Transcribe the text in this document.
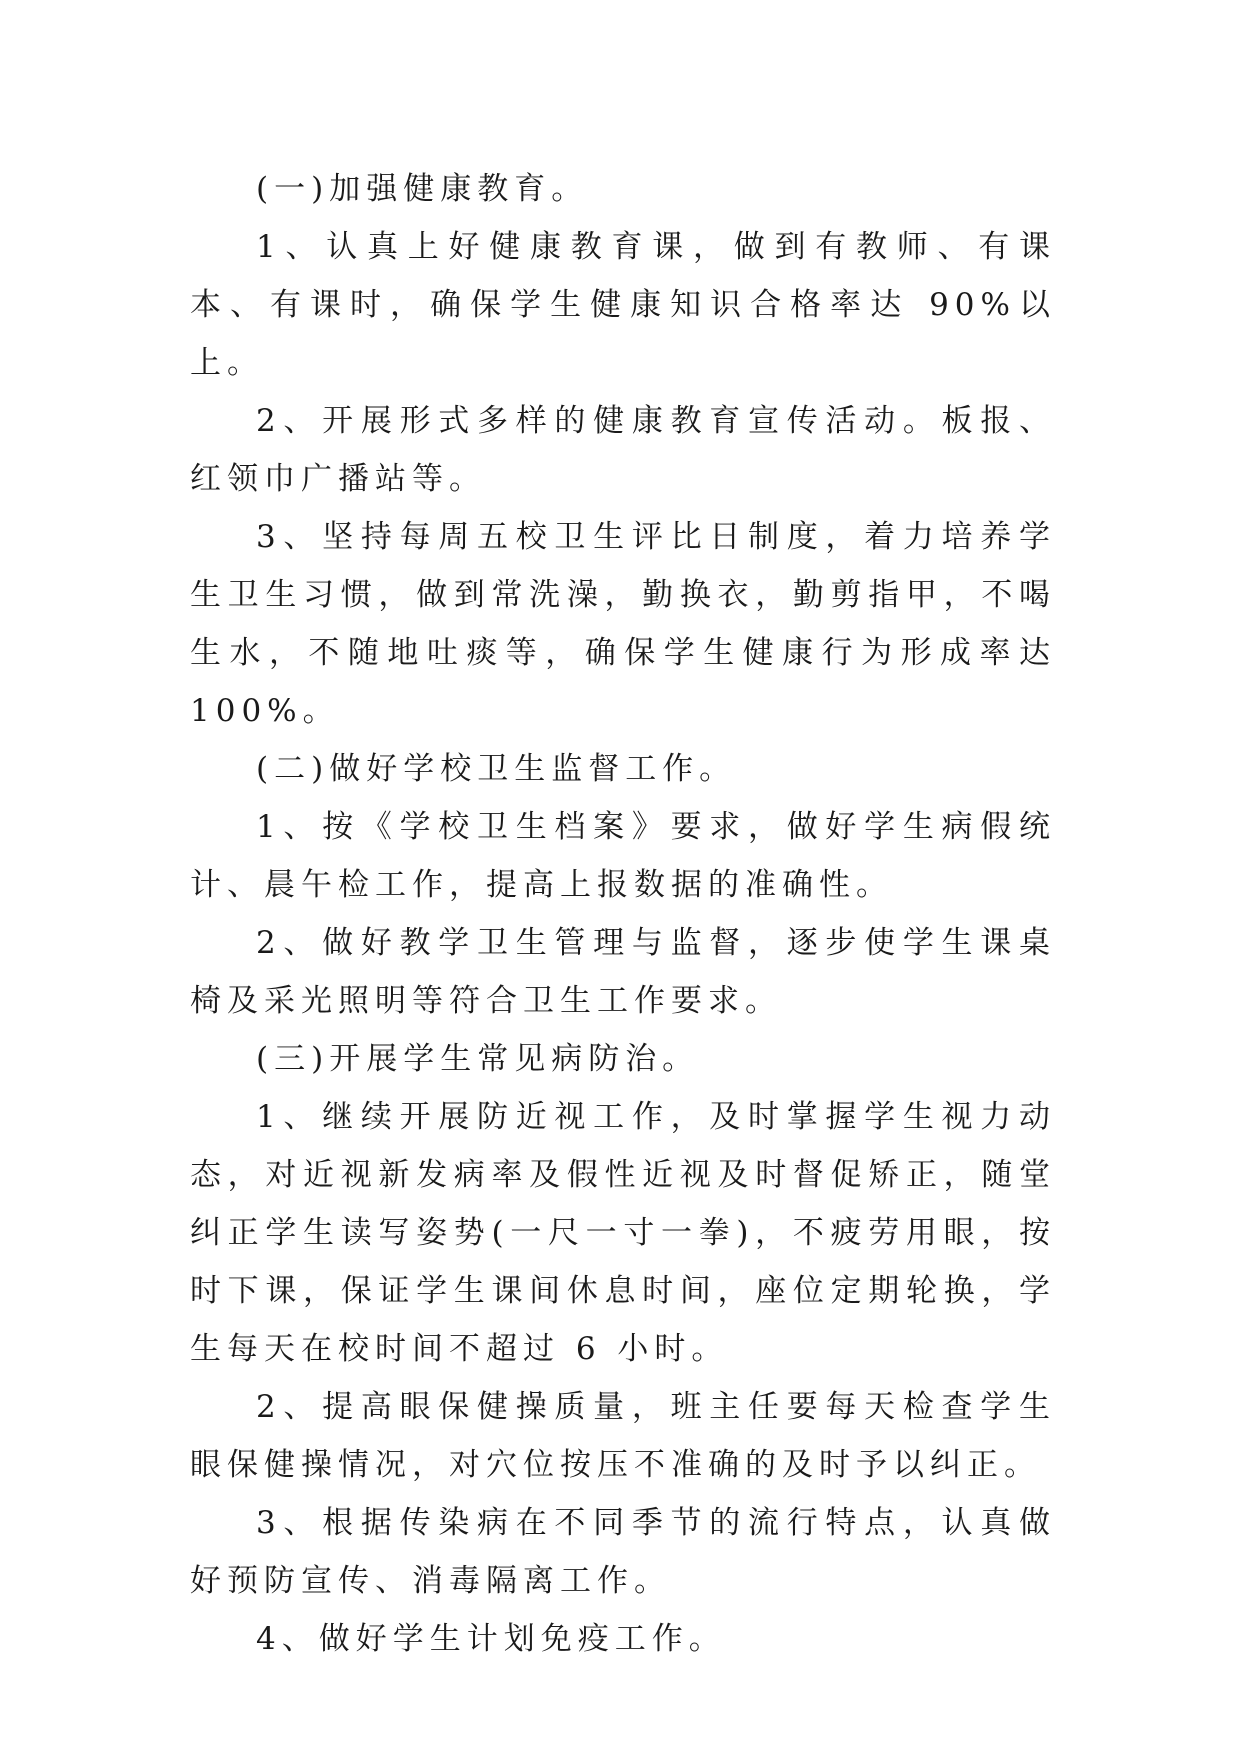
(一)加强健康教育。

1、认真上好健康教育课，做到有教师、有课本、有课时，确保学生健康知识合格率达 90%以上。

2、开展形式多样的健康教育宣传活动。板报、红领巾广播站等。

3、坚持每周五校卫生评比日制度，着力培养学生卫生习惯，做到常洗澡，勤换衣，勤剪指甲，不喝生水，不随地吐痰等，确保学生健康行为形成率达 100%。

(二)做好学校卫生监督工作。

1、按《学校卫生档案》要求，做好学生病假统计、晨午检工作，提高上报数据的准确性。

2、做好教学卫生管理与监督，逐步使学生课桌椅及采光照明等符合卫生工作要求。

(三)开展学生常见病防治。

1、继续开展防近视工作，及时掌握学生视力动态，对近视新发病率及假性近视及时督促矫正，随堂纠正学生读写姿势(一尺一寸一拳)，不疲劳用眼，按时下课，保证学生课间休息时间，座位定期轮换，学生每天在校时间不超过 6 小时。

2、提高眼保健操质量，班主任要每天检查学生眼保健操情况，对穴位按压不准确的及时予以纠正。

3、根据传染病在不同季节的流行特点，认真做好预防宣传、消毒隔离工作。

4、做好学生计划免疫工作。
